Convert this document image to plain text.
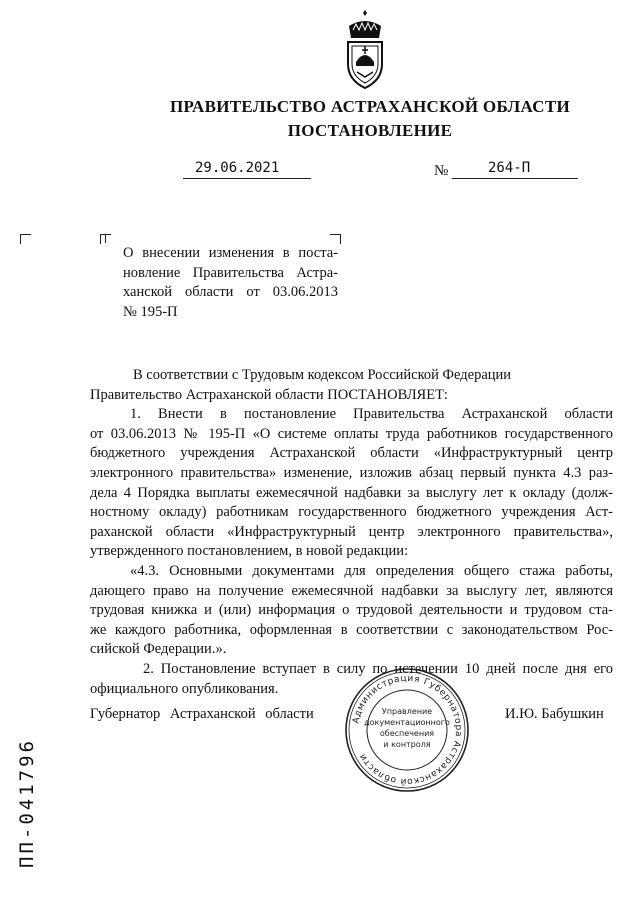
ПРАВИТЕЛЬСТВО АСТРАХАНСКОЙ ОБЛАСТИ
ПОСТАНОВЛЕНИЕ
29.06.2021	№	264-П
О внесении изменения в поста-
новление Правительства Астра-
ханской области от 03.06.2013
№ 195-П
В соответствии с Трудовым кодексом Российской Федерации
Правительство Астраханской области ПОСТАНОВЛЯЕТ:
1. Внести в постановление Правительства Астраханской области
от 03.06.2013 № 195-П «О системе оплаты труда работников государственного
бюджетного учреждения Астраханской области «Инфраструктурный центр
электронного правительства» изменение, изложив абзац первый пункта 4.3 раз-
дела 4 Порядка выплаты ежемесячной надбавки за выслугу лет к окладу (долж-
ностному окладу) работникам государственного бюджетного учреждения Аст-
раханской области «Инфраструктурный центр электронного правительства»,
утвержденного постановлением, в новой редакции:
«4.3. Основными документами для определения общего стажа работы,
дающего право на получение ежемесячной надбавки за выслугу лет, являются
трудовая книжка и (или) информация о трудовой деятельности и трудовом ста-
же каждого работника, оформленная в соответствии с законодательством Рос-
сийской Федерации.».
2. Постановление вступает в силу по истечении 10 дней после дня его
официального опубликования.
Губернатор Астраханской области	И.Ю. Бабушкин
Администрация Губернатора Астраханской области
Управление
документационного
обеспечения
и контроля
ПП-041796
